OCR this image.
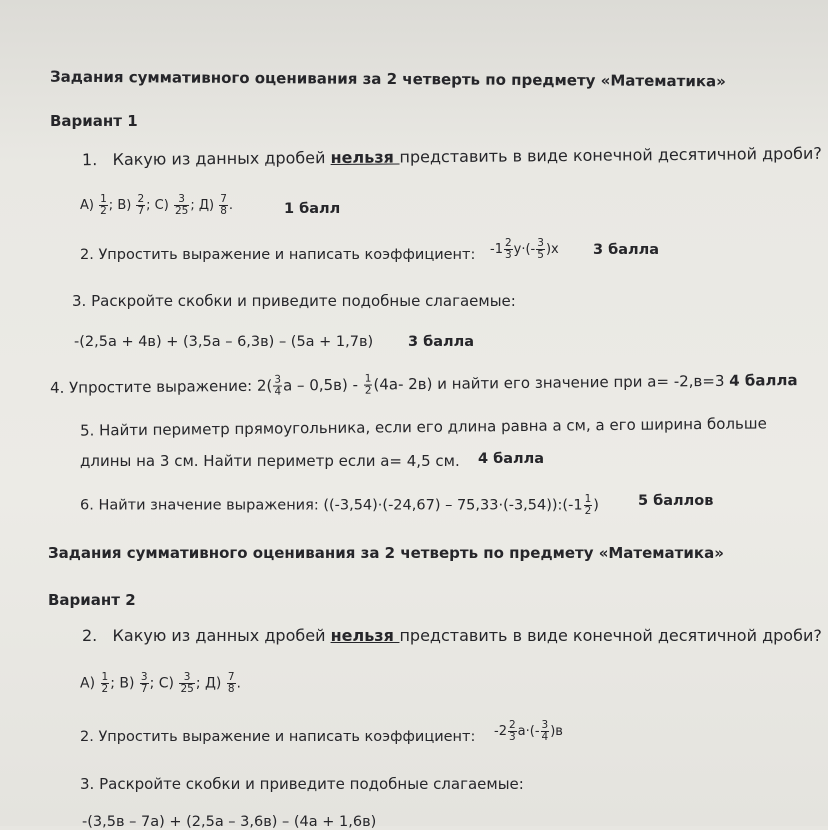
Задания суммативного оценивания за 2 четверть по предмету «Математика»
Вариант 1
1. Какую из данных дробей нельзя представить в виде конечной десятичной дроби?
$А) \frac{1}{2}$ ; $В) \frac{2}{7}$ ; $С) \frac{3}{25}$ ; $Д) \frac{7}{8}$ .	1 балл
2. Упростить выражение и написать коэффициент: $-1 \frac{2}{3} у\cdot(- \frac{3}{5} )х$ 3 балла
3. Раскройте скобки и приведите подобные слагаемые:
-(2,5а + 4в) + (3,5а – 6,3в) – (5а + 1,7в) 3 балла
4. Упростите выражение: $2( \frac{3}{4}$ а – $0,5в) - \frac{1}{2} (4а-$ 2в) и найти его значение при а= -2,в=3 4 балла
5. Найти периметр прямоугольника, если его длина равна а см, а его ширина больше
длины на 3 см. Найти периметр если а= 4,5 см. 4 балла
6. Найти значение выражения: ((-3,54)·(-24,67) – 75,33·(-3,54)):(-1 $\frac{1}{2}$ )	5 баллов
Задания суммативного оценивания за 2 четверть по предмету «Математика»
Вариант 2
2. Какую из данных дробей нельзя представить в виде конечной десятичной дроби?
$А) \frac{1}{2}$ ; $В) \frac{3}{7}$ ; $С) \frac{3}{25}$ ; $Д) \frac{7}{8}$ .
2. Упростить выражение и написать коэффициент: $-2 \frac{2}{3} а\cdot(- \frac{3}{4} )в$
3. Раскройте скобки и приведите подобные слагаемые:
-(3,5в – 7а) + (2,5а – 3,6в) – (4а + 1,6в)
